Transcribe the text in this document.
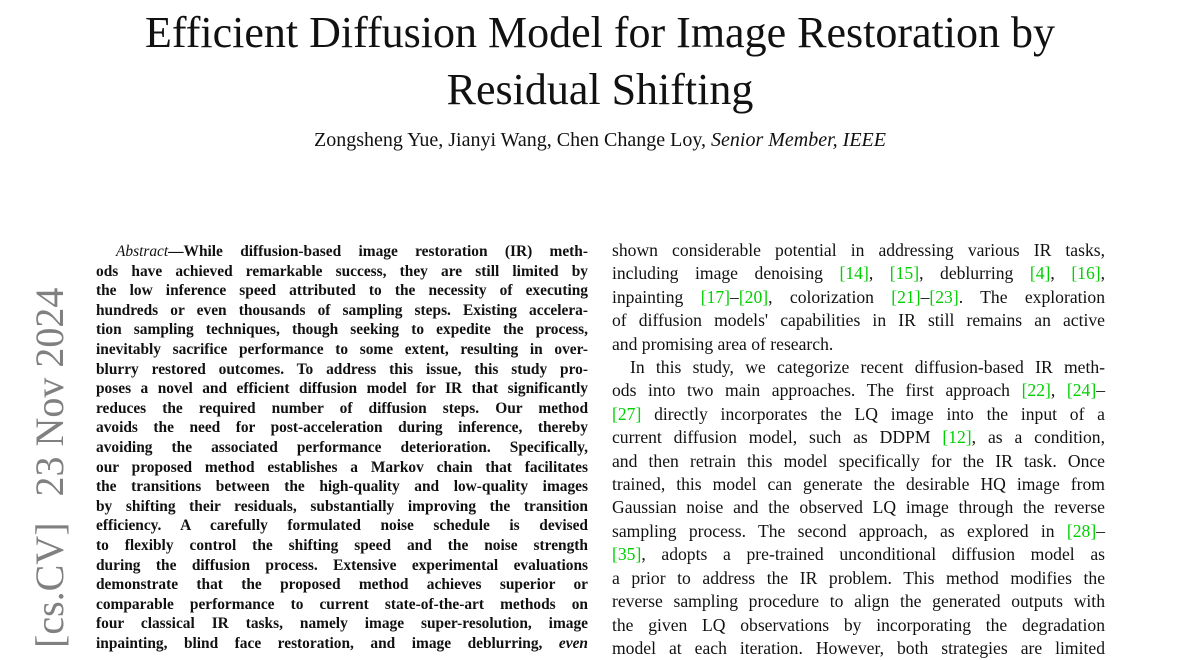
Efficient Diffusion Model for Image Restoration by
Residual Shifting
Zongsheng Yue, Jianyi Wang, Chen Change Loy, Senior Member, IEEE
[cs.CV]23 Nov 2024
Abstract—While diffusion-based image restoration (IR) meth-
ods have achieved remarkable success, they are still limited by
the low inference speed attributed to the necessity of executing
hundreds or even thousands of sampling steps. Existing accelera-
tion sampling techniques, though seeking to expedite the process,
inevitably sacrifice performance to some extent, resulting in over-
blurry restored outcomes. To address this issue, this study pro-
poses a novel and efficient diffusion model for IR that significantly
reduces the required number of diffusion steps. Our method
avoids the need for post-acceleration during inference, thereby
avoiding the associated performance deterioration. Specifically,
our proposed method establishes a Markov chain that facilitates
the transitions between the high-quality and low-quality images
by shifting their residuals, substantially improving the transition
efficiency. A carefully formulated noise schedule is devised
to flexibly control the shifting speed and the noise strength
during the diffusion process. Extensive experimental evaluations
demonstrate that the proposed method achieves superior or
comparable performance to current state-of-the-art methods on
four classical IR tasks, namely image super-resolution, image
inpainting, blind face restoration, and image deblurring, even
shown considerable potential in addressing various IR tasks,
including image denoising [14], [15], deblurring [4], [16],
inpainting [17]–[20], colorization [21]–[23]. The exploration
of diffusion models' capabilities in IR still remains an active
and promising area of research.
In this study, we categorize recent diffusion-based IR meth-
ods into two main approaches. The first approach [22], [24]–
[27] directly incorporates the LQ image into the input of a
current diffusion model, such as DDPM [12], as a condition,
and then retrain this model specifically for the IR task. Once
trained, this model can generate the desirable HQ image from
Gaussian noise and the observed LQ image through the reverse
sampling process. The second approach, as explored in [28]–
[35], adopts a pre-trained unconditional diffusion model as
a prior to address the IR problem. This method modifies the
reverse sampling procedure to align the generated outputs with
the given LQ observations by incorporating the degradation
model at each iteration. However, both strategies are limited
